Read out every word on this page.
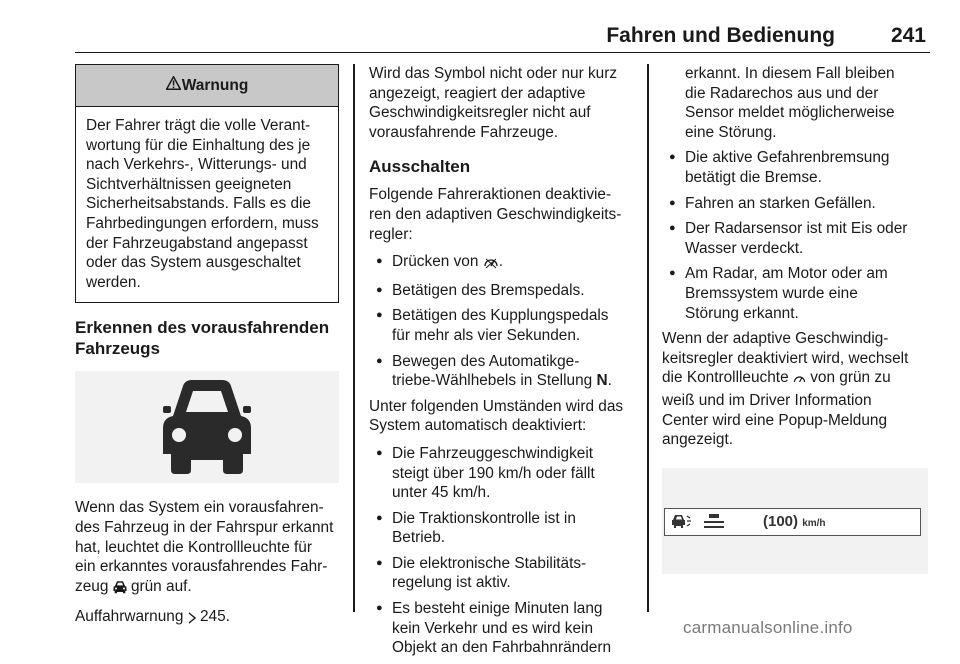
Fahren und Bedienung	241
Warnung
Der Fahrer trägt die volle Verant-
wortung für die Einhaltung des je
nach Verkehrs-, Witterungs- und
Sichtverhältnissen geeigneten
Sicherheitsabstands. Falls es die
Fahrbedingungen erfordern, muss
der Fahrzeugabstand angepasst
oder das System ausgeschaltet
werden.
Erkennen des vorausfahrenden
Fahrzeugs

Wenn das System ein vorausfahren-
des Fahrzeug in der Fahrspur erkannt
hat, leuchtet die Kontrollleuchte für
ein erkanntes vorausfahrendes Fahr-
zeug grün auf.

Auffahrwarnung 245.

Wird das Symbol nicht oder nur kurz
angezeigt, reagiert der adaptive
Geschwindigkeitsregler nicht auf
vorausfahrende Fahrzeuge.

Ausschalten

Folgende Fahreraktionen deaktivie-
ren den adaptiven Geschwindigkeits-
regler:

● Drücken von .
● Betätigen des Bremspedals.
● Betätigen des Kupplungspedals
für mehr als vier Sekunden.
● Bewegen des Automatikge-
triebe-Wählhebels in Stellung N.

Unter folgenden Umständen wird das
System automatisch deaktiviert:

● Die Fahrzeuggeschwindigkeit
steigt über 190 km/h oder fällt
unter 45 km/h.
● Die Traktionskontrolle ist in
Betrieb.
● Die elektronische Stabilitäts-
regelung ist aktiv.
● Es besteht einige Minuten lang
kein Verkehr und es wird kein
Objekt an den Fahrbahnrändern
erkannt. In diesem Fall bleiben
die Radarechos aus und der
Sensor meldet möglicherweise
eine Störung.
● Die aktive Gefahrenbremsung
betätigt die Bremse.
● Fahren an starken Gefällen.
● Der Radarsensor ist mit Eis oder
Wasser verdeckt.
● Am Radar, am Motor oder am
Bremssystem wurde eine
Störung erkannt.

Wenn der adaptive Geschwindig-
keitsregler deaktiviert wird, wechselt
die Kontrollleuchte von grün zu
weiß und im Driver Information
Center wird eine Popup-Meldung
angezeigt.

(100) km/h
carmanualsonline.info
